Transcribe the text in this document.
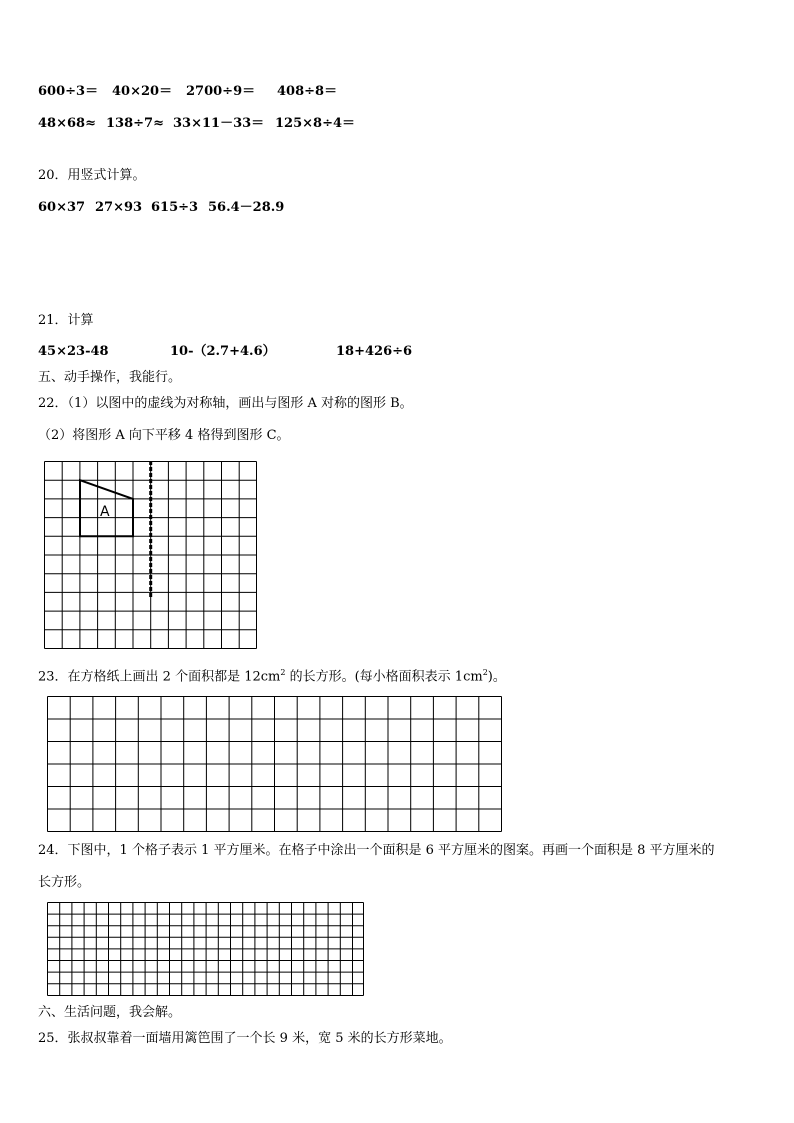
600÷3＝ 40×20＝ 2700÷9＝ 408÷8＝
48×68≈ 138÷7≈ 33×11－33＝ 125×8÷4＝
20．用竖式计算。
60×37 27×93 615÷3 56.4－28.9
21．计算
45×23-48	10-（2.7+4.6）	18+426÷6
五、动手操作，我能行。
22．（1）以图中的虚线为对称轴，画出与图形 A 对称的图形 B。
（2）将图形 A 向下平移 4 格得到图形 C。
A
23．在方格纸上画出 2 个面积都是 $12cm^2$ 的长方形。(每小格面积表示 $1cm^2$)。
24．下图中，1 个格子表示 1 平方厘米。在格子中涂出一个面积是 6 平方厘米的图案。再画一个面积是 8 平方厘米的
长方形。
六、生活问题，我会解。
25．张叔叔靠着一面墙用篱笆围了一个长 9 米，宽 5 米的长方形菜地。
